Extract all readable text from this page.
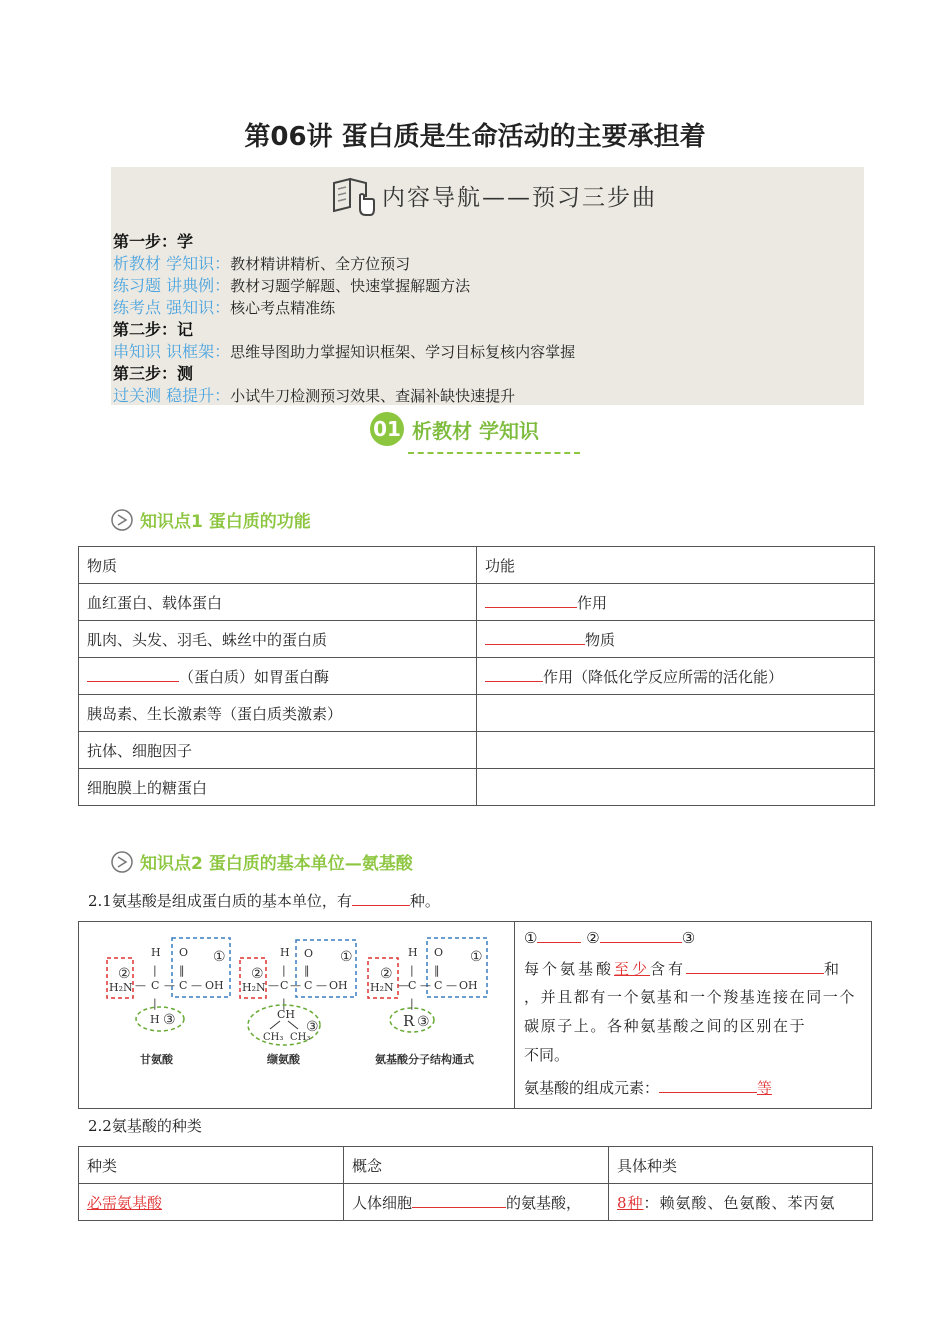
第06讲 蛋白质是生命活动的主要承担着
内容导航——预习三步曲
第一步：学
析教材 学知识：教材精讲精析、全方位预习
练习题 讲典例：教材习题学解题、快速掌握解题方法
练考点 强知识：核心考点精准练
第二步：记
串知识 识框架：思维导图助力掌握知识框架、学习目标复核内容掌握
第三步：测
过关测 稳提升：小试牛刀检测预习效果、查漏补缺快速提升
01 析教材 学知识
知识点1 蛋白质的功能
物质	功能
血红蛋白、载体蛋白	作用
肌肉、头发、羽毛、蛛丝中的蛋白质	物质
（蛋白质）如胃蛋白酶	作用（降低化学反应所需的活化能）
胰岛素、生长激素等（蛋白质类激素）	
抗体、细胞因子	
细胞膜上的糖蛋白	
知识点2 蛋白质的基本单位—氨基酸
2.1氨基酸是组成蛋白质的基本单位，有	种。
②
H₂N — C
H
|
|
O
‖
C
— — OH
①
H ③
甘氨酸
②
H₂N — C
H
|
|
O
‖
C
— — OH
①
CH
CH₃ CH₃
③
缬氨酸
②
H₂N — C
H
|
|
O
‖
C
— — OH
①
R ③
氨基酸分子结构通式
①	②	③
每个氨基酸至少含有	和
，并且都有一个氨基和一个羧基连接在同一个碳原子上。各种氨基酸之间的区别在于
不同。
氨基酸的组成元素：	等
2.2氨基酸的种类
种类	概念	具体种类
必需氨基酸	人体细胞 的氨基酸，	8种：赖氨酸、色氨酸、苯丙氨
